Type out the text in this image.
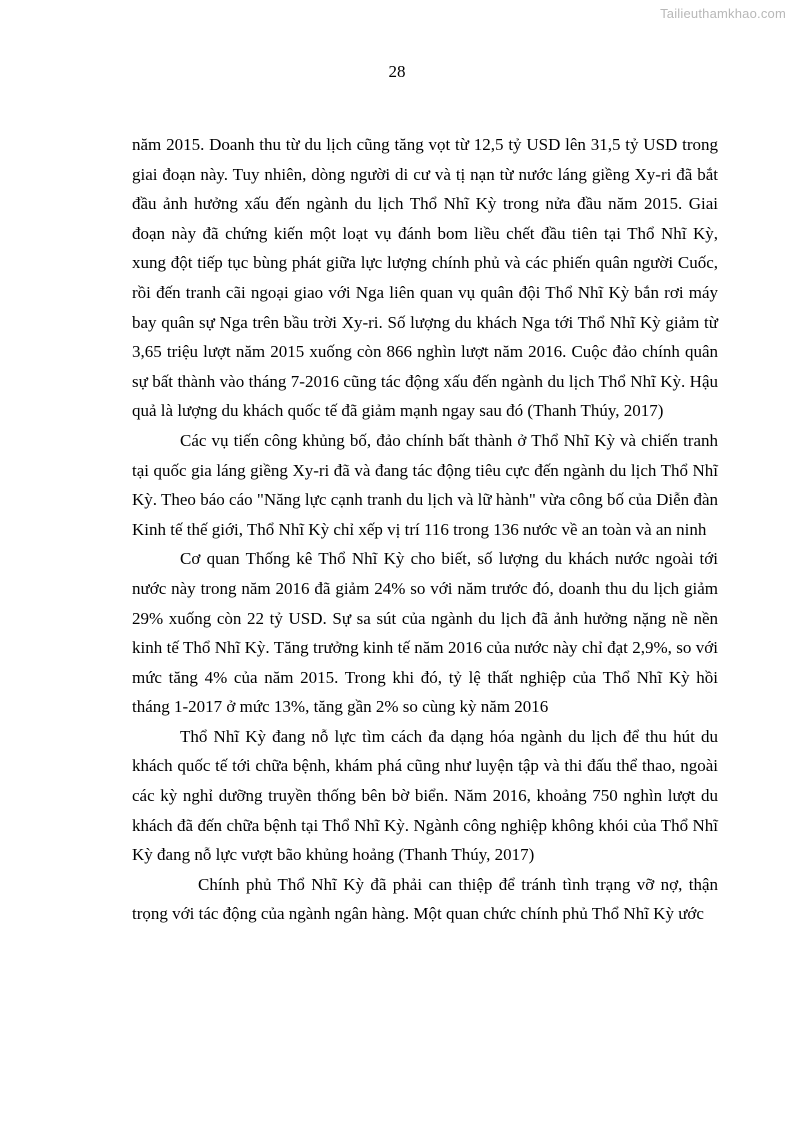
Tailieuthamkhao.com
28

năm 2015. Doanh thu từ du lịch cũng tăng vọt từ 12,5 tỷ USD lên 31,5 tỷ USD trong giai đoạn này. Tuy nhiên, dòng người di cư và tị nạn từ nước láng giềng Xy-ri đã bắt đầu ảnh hưởng xấu đến ngành du lịch Thổ Nhĩ Kỳ trong nửa đầu năm 2015. Giai đoạn này đã chứng kiến một loạt vụ đánh bom liều chết đầu tiên tại Thổ Nhĩ Kỳ, xung đột tiếp tục bùng phát giữa lực lượng chính phủ và các phiến quân người Cuốc, rồi đến tranh cãi ngoại giao với Nga liên quan vụ quân đội Thổ Nhĩ Kỳ bắn rơi máy bay quân sự Nga trên bầu trời Xy-ri. Số lượng du khách Nga tới Thổ Nhĩ Kỳ giảm từ 3,65 triệu lượt năm 2015 xuống còn 866 nghìn lượt năm 2016. Cuộc đảo chính quân sự bất thành vào tháng 7-2016 cũng tác động xấu đến ngành du lịch Thổ Nhĩ Kỳ. Hậu quả là lượng du khách quốc tế đã giảm mạnh ngay sau đó (Thanh Thúy, 2017)

Các vụ tiến công khủng bố, đảo chính bất thành ở Thổ Nhĩ Kỳ và chiến tranh tại quốc gia láng giềng Xy-ri đã và đang tác động tiêu cực đến ngành du lịch Thổ Nhĩ Kỳ. Theo báo cáo "Năng lực cạnh tranh du lịch và lữ hành" vừa công bố của Diễn đàn Kinh tế thế giới, Thổ Nhĩ Kỳ chỉ xếp vị trí 116 trong 136 nước về an toàn và an ninh

Cơ quan Thống kê Thổ Nhĩ Kỳ cho biết, số lượng du khách nước ngoài tới nước này trong năm 2016 đã giảm 24% so với năm trước đó, doanh thu du lịch giảm 29% xuống còn 22 tỷ USD. Sự sa sút của ngành du lịch đã ảnh hưởng nặng nề nền kinh tế Thổ Nhĩ Kỳ. Tăng trưởng kinh tế năm 2016 của nước này chỉ đạt 2,9%, so với mức tăng 4% của năm 2015. Trong khi đó, tỷ lệ thất nghiệp của Thổ Nhĩ Kỳ hồi tháng 1-2017 ở mức 13%, tăng gần 2% so cùng kỳ năm 2016

Thổ Nhĩ Kỳ đang nỗ lực tìm cách đa dạng hóa ngành du lịch để thu hút du khách quốc tế tới chữa bệnh, khám phá cũng như luyện tập và thi đấu thể thao, ngoài các kỳ nghỉ dưỡng truyền thống bên bờ biển. Năm 2016, khoảng 750 nghìn lượt du khách đã đến chữa bệnh tại Thổ Nhĩ Kỳ. Ngành công nghiệp không khói của Thổ Nhĩ Kỳ đang nỗ lực vượt bão khủng hoảng (Thanh Thúy, 2017)

Chính phủ Thổ Nhĩ Kỳ đã phải can thiệp để tránh tình trạng vỡ nợ, thận trọng với tác động của ngành ngân hàng. Một quan chức chính phủ Thổ Nhĩ Kỳ ước
